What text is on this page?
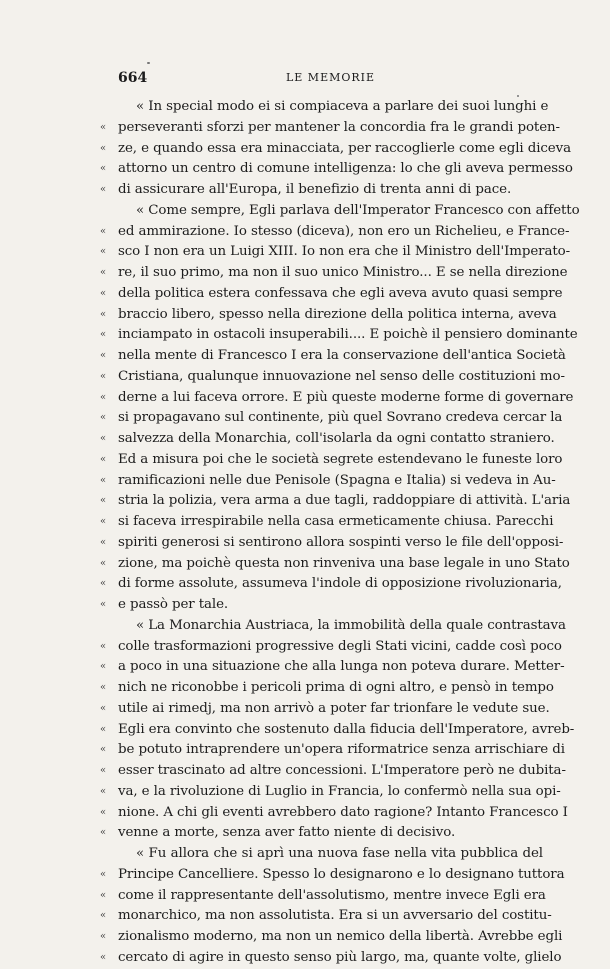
664	LE MEMORIE
« In special modo ei si compiaceva a parlare dei suoi lunghi e
« perseveranti sforzi per mantener la concordia fra le grandi poten-
« ze, e quando essa era minacciata, per raccoglierle come egli diceva
« attorno un centro di comune intelligenza: lo che gli aveva permesso
« di assicurare all'Europa, il benefizio di trenta anni di pace.
« Come sempre, Egli parlava dell'Imperator Francesco con affetto
« ed ammirazione. Io stesso (diceva), non ero un Richelieu, e France-
« sco I non era un Luigi XIII. Io non era che il Ministro dell'Imperato-
« re, il suo primo, ma non il suo unico Ministro... E se nella direzione
« della politica estera confessava che egli aveva avuto quasi sempre
« braccio libero, spesso nella direzione della politica interna, aveva
« inciampato in ostacoli insuperabili.... E poichè il pensiero dominante
« nella mente di Francesco I era la conservazione dell'antica Società
« Cristiana, qualunque innuovazione nel senso delle costituzioni mo-
« derne a lui faceva orrore. E più queste moderne forme di governare
« si propagavano sul continente, più quel Sovrano credeva cercar la
« salvezza della Monarchia, coll'isolarla da ogni contatto straniero.
« Ed a misura poi che le società segrete estendevano le funeste loro
« ramificazioni nelle due Penisole (Spagna e Italia) si vedeva in Au-
« stria la polizia, vera arma a due tagli, raddoppiare di attività. L'aria
« si faceva irrespirabile nella casa ermeticamente chiusa. Parecchi
« spiriti generosi si sentirono allora sospinti verso le file dell'opposi-
« zione, ma poichè questa non rinveniva una base legale in uno Stato
« di forme assolute, assumeva l'indole di opposizione rivoluzionaria,
« e passò per tale.
« La Monarchia Austriaca, la immobilità della quale contrastava
« colle trasformazioni progressive degli Stati vicini, cadde così poco
« a poco in una situazione che alla lunga non poteva durare. Metter-
« nich ne riconobbe i pericoli prima di ogni altro, e pensò in tempo
« utile ai rimedj, ma non arrivò a poter far trionfare le vedute sue.
« Egli era convinto che sostenuto dalla fiducia dell'Imperatore, avreb-
« be potuto intraprendere un'opera riformatrice senza arrischiare di
« esser trascinato ad altre concessioni. L'Imperatore però ne dubita-
« va, e la rivoluzione di Luglio in Francia, lo confermò nella sua opi-
« nione. A chi gli eventi avrebbero dato ragione? Intanto Francesco I
« venne a morte, senza aver fatto niente di decisivo.
« Fu allora che si aprì una nuova fase nella vita pubblica del
« Principe Cancelliere. Spesso lo designarono e lo designano tuttora
« come il rappresentante dell'assolutismo, mentre invece Egli era
« monarchico, ma non assolutista. Era si un avversario del costitu-
« zionalismo moderno, ma non un nemico della libertà. Avrebbe egli
« cercato di agire in questo senso più largo, ma, quante volte, glielo
